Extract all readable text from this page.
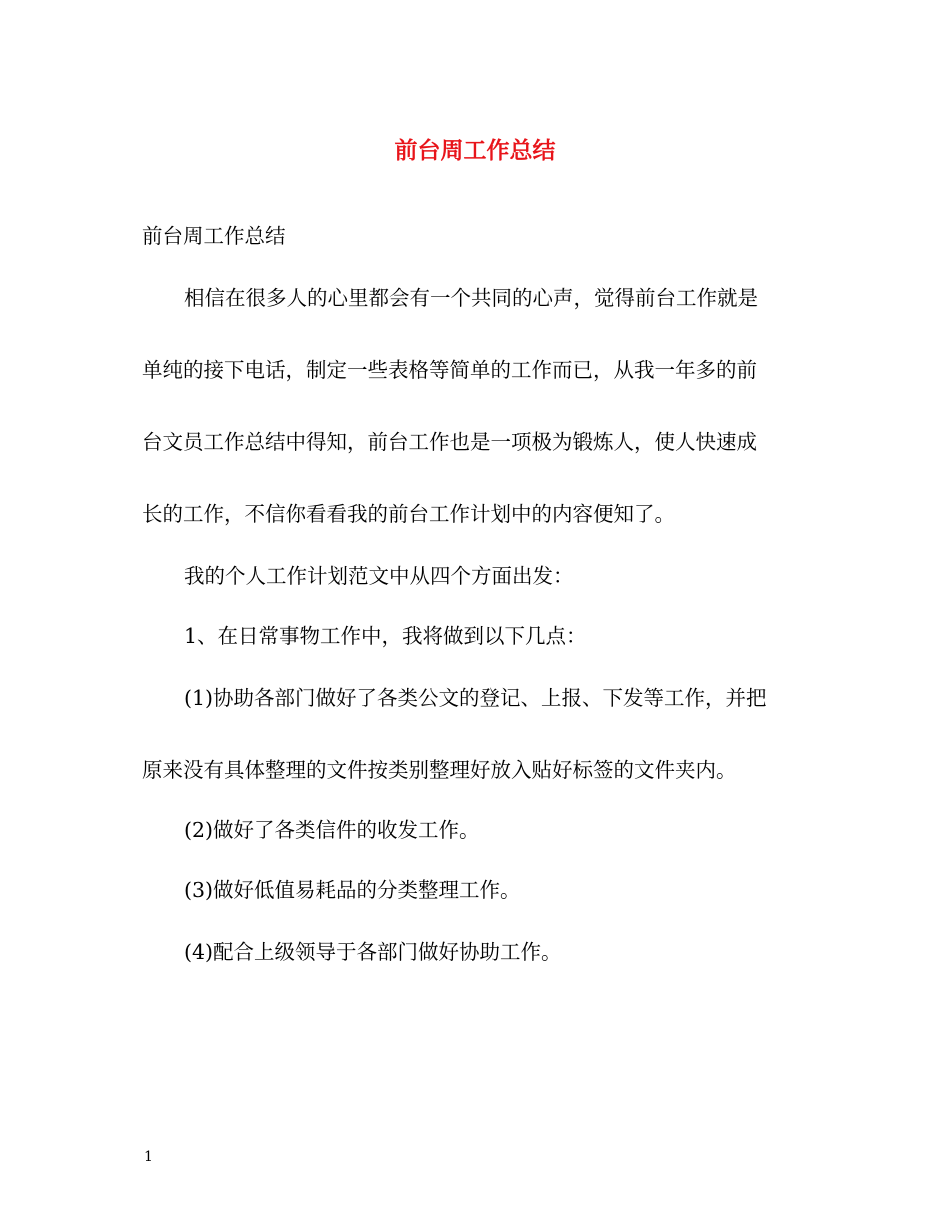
前台周工作总结
前台周工作总结
相信在很多人的心里都会有一个共同的心声，觉得前台工作就是
单纯的接下电话，制定一些表格等简单的工作而已，从我一年多的前
台文员工作总结中得知，前台工作也是一项极为锻炼人，使人快速成
长的工作，不信你看看我的前台工作计划中的内容便知了。
我的个人工作计划范文中从四个方面出发：
1、在日常事物工作中，我将做到以下几点：
(1)协助各部门做好了各类公文的登记、上报、下发等工作，并把
原来没有具体整理的文件按类别整理好放入贴好标签的文件夹内。
(2)做好了各类信件的收发工作。
(3)做好低值易耗品的分类整理工作。
(4)配合上级领导于各部门做好协助工作。
1
